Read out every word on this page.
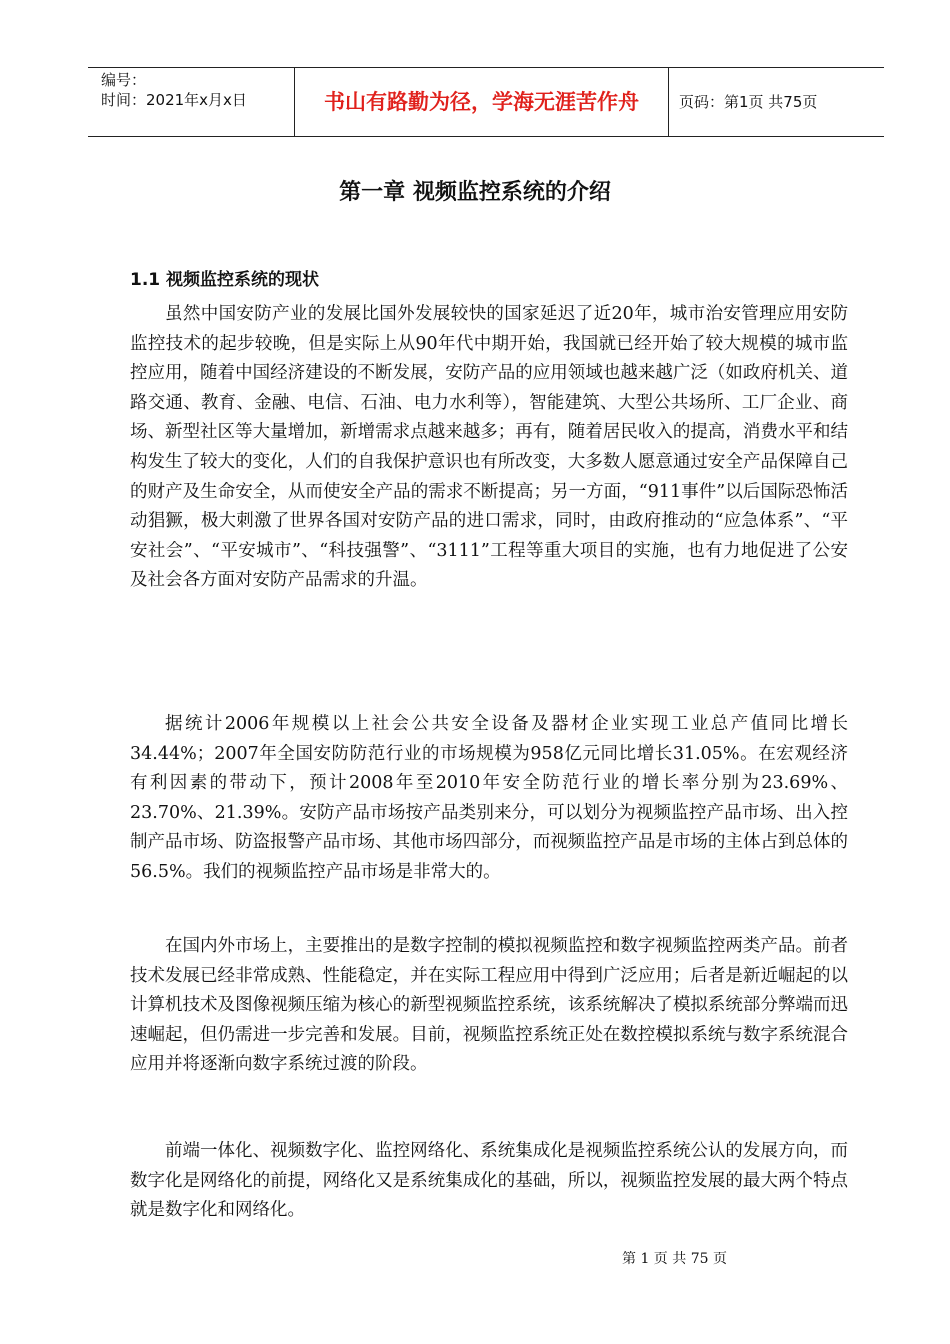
编号：
时间：2021年x月x日	书山有路勤为径，学海无涯苦作舟	页码：第1页 共75页
第一章 视频监控系统的介绍
1.1 视频监控系统的现状

虽然中国安防产业的发展比国外发展较快的国家延迟了近20年，城市治安管理应用安防监控技术的起步较晚，但是实际上从90年代中期开始，我国就已经开始了较大规模的城市监控应用，随着中国经济建设的不断发展，安防产品的应用领域也越来越广泛（如政府机关、道路交通、教育、金融、电信、石油、电力水利等），智能建筑、大型公共场所、工厂企业、商场、新型社区等大量增加，新增需求点越来越多；再有，随着居民收入的提高，消费水平和结构发生了较大的变化，人们的自我保护意识也有所改变，大多数人愿意通过安全产品保障自己的财产及生命安全，从而使安全产品的需求不断提高；另一方面，“911事件”以后国际恐怖活动猖獗，极大刺激了世界各国对安防产品的进口需求，同时，由政府推动的“应急体系”、“平安社会”、“平安城市”、“科技强警”、“3111”工程等重大项目的实施，也有力地促进了公安及社会各方面对安防产品需求的升温。

据统计2006年规模以上社会公共安全设备及器材企业实现工业总产值同比增长34.44%；2007年全国安防防范行业的市场规模为958亿元同比增长31.05%。在宏观经济有利因素的带动下，预计2008年至2010年安全防范行业的增长率分别为23.69%、23.70%、21.39%。安防产品市场按产品类别来分，可以划分为视频监控产品市场、出入控制产品市场、防盗报警产品市场、其他市场四部分，而视频监控产品是市场的主体占到总体的56.5%。我们的视频监控产品市场是非常大的。

在国内外市场上，主要推出的是数字控制的模拟视频监控和数字视频监控两类产品。前者技术发展已经非常成熟、性能稳定，并在实际工程应用中得到广泛应用；后者是新近崛起的以计算机技术及图像视频压缩为核心的新型视频监控系统，该系统解决了模拟系统部分弊端而迅速崛起，但仍需进一步完善和发展。目前，视频监控系统正处在数控模拟系统与数字系统混合应用并将逐渐向数字系统过渡的阶段。

前端一体化、视频数字化、监控网络化、系统集成化是视频监控系统公认的发展方向，而数字化是网络化的前提，网络化又是系统集成化的基础，所以，视频监控发展的最大两个特点就是数字化和网络化。

第 1 页 共 75 页
